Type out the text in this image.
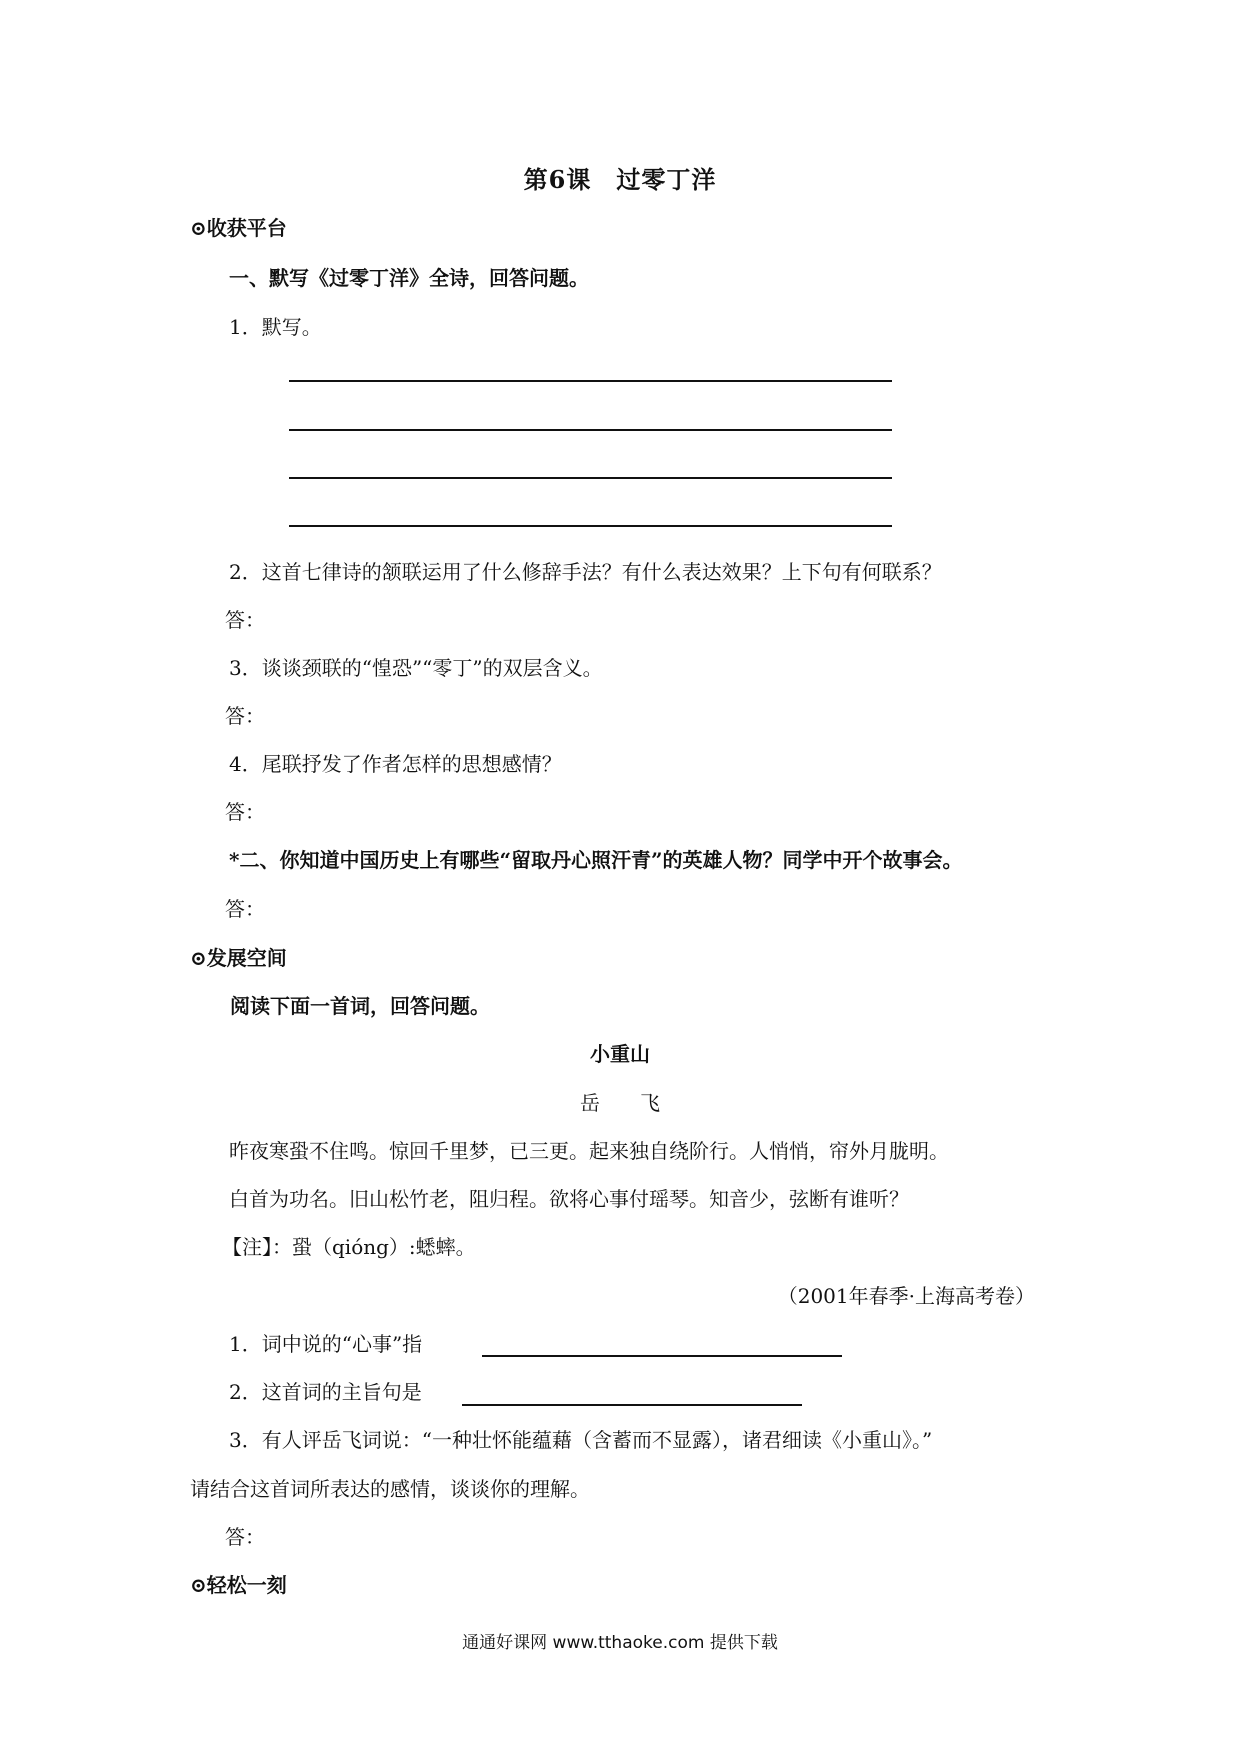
第6课　过零丁洋
⊙收获平台
一、默写《过零丁洋》全诗，回答问题。
1．默写。
2．这首七律诗的颔联运用了什么修辞手法？有什么表达效果？上下句有何联系？
答：
3．谈谈颈联的“惶恐”“零丁”的双层含义。
答：
4．尾联抒发了作者怎样的思想感情？
答：
*二、你知道中国历史上有哪些“留取丹心照汗青”的英雄人物？同学中开个故事会。
答：
⊙发展空间
阅读下面一首词，回答问题。
小重山
岳　　飞
昨夜寒蛩不住鸣。惊回千里梦，已三更。起来独自绕阶行。人悄悄，帘外月胧明。
白首为功名。旧山松竹老，阻归程。欲将心事付瑶琴。知音少，弦断有谁听？
【注】：蛩（qióng）:蟋蟀。
（2001年春季·上海高考卷）
1．词中说的“心事”指
2．这首词的主旨句是
3．有人评岳飞词说：“一种壮怀能蕴藉（含蓄而不显露），诸君细读《小重山》。”
请结合这首词所表达的感情，谈谈你的理解。
答：
⊙轻松一刻
通通好课网 www.tthaoke.com 提供下载
